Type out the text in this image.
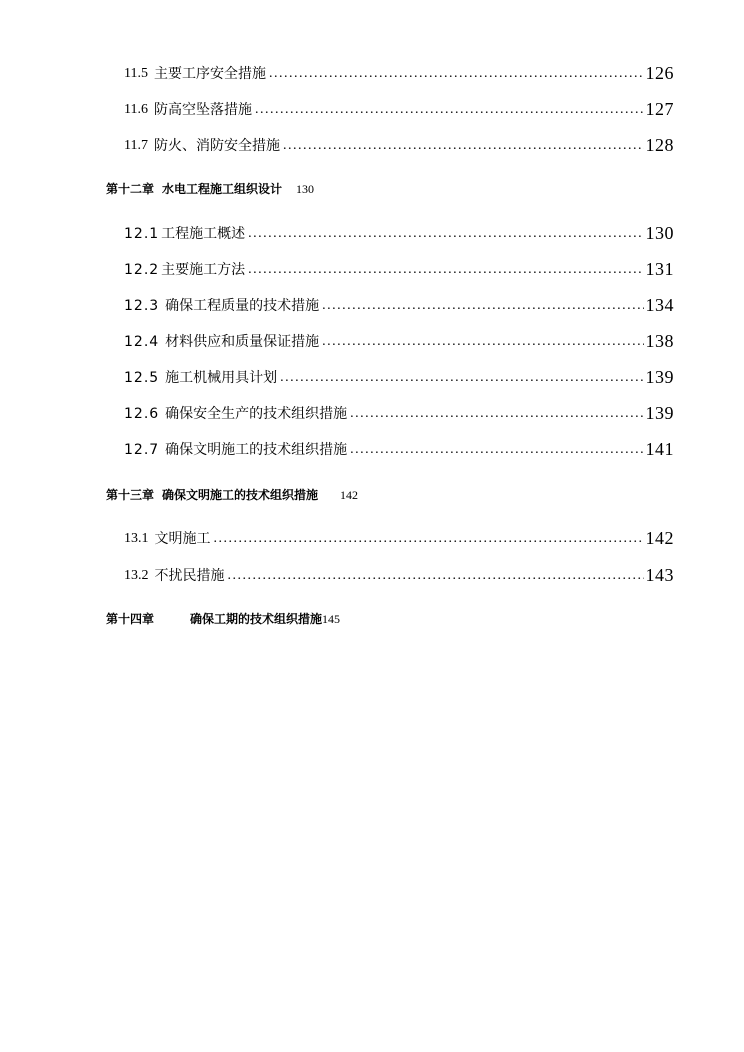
11.5 主要工序安全措施 .....	126
11.6 防高空坠落措施 .....	127
11.7 防火、消防安全措施 .....	128
第十二章 水电工程施工组织设计 130
12.1 工程施工概述 .....	130
12.2 主要施工方法 .....	131
12.3 确保工程质量的技术措施 .....	134
12.4 材料供应和质量保证措施 .....	138
12.5 施工机械用具计划 .....	139
12.6 确保安全生产的技术组织措施 .....	139
12.7 确保文明施工的技术组织措施 .....	141
第十三章 确保文明施工的技术组织措施 142
13.1 文明施工 .....	142
13.2 不扰民措施 .....	143
第十四章	确保工期的技术组织措施 145
